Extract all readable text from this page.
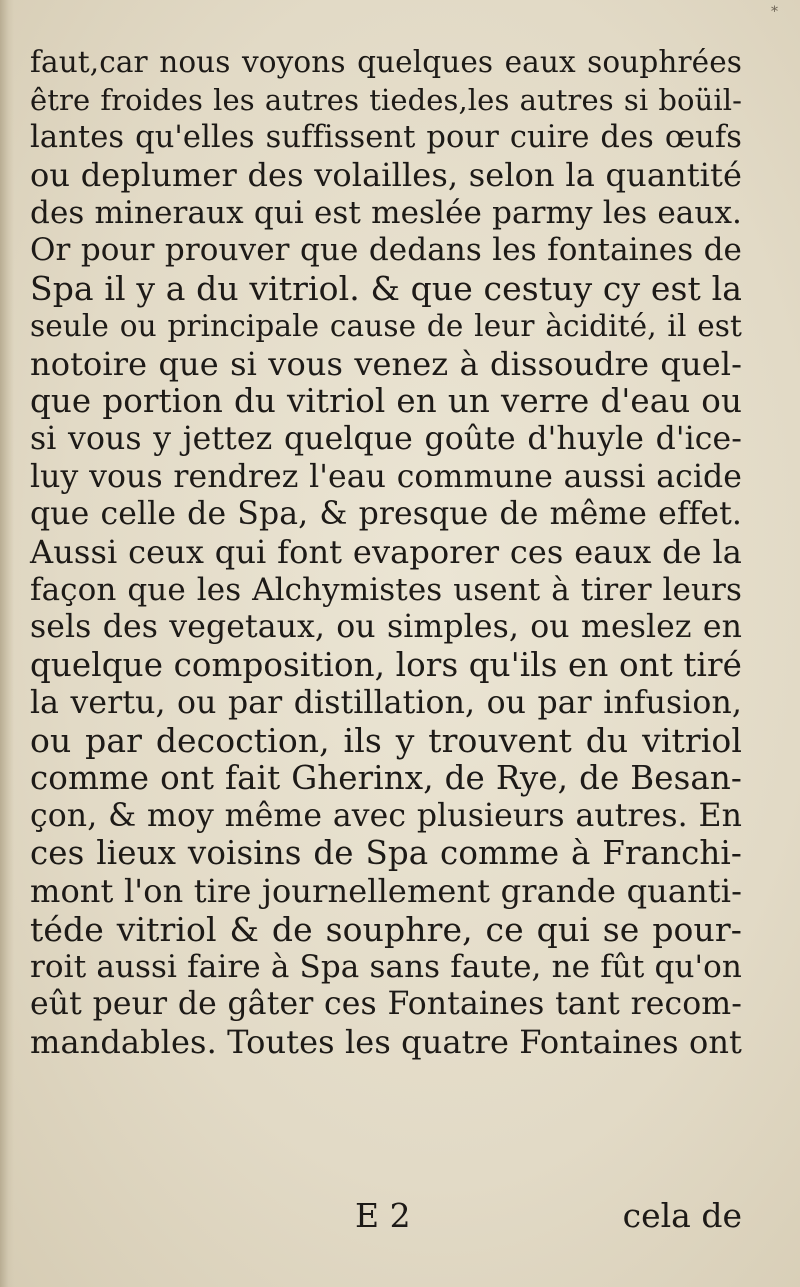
*
faut,car nous voyons quelques eaux souphrées
être froides les autres tiedes,les autres si boüil-
lantes qu'elles suffissent pour cuire des œufs
ou deplumer des volailles, selon la quantité
des mineraux qui est meslée parmy les eaux.
Or pour prouver que dedans les fontaines de
Spa il y a du vitriol. & que cestuy cy est la
seule ou principale cause de leur àcidité, il est
notoire que si vous venez à dissoudre quel-
que portion du vitriol en un verre d'eau ou
si vous y jettez quelque goûte d'huyle d'ice-
luy vous rendrez l'eau commune aussi acide
que celle de Spa, & presque de même effet.
Aussi ceux qui font evaporer ces eaux de la
façon que les Alchymistes usent à tirer leurs
sels des vegetaux, ou simples, ou meslez en
quelque composition, lors qu'ils en ont tiré
la vertu, ou par distillation, ou par infusion,
ou par decoction, ils y trouvent du vitriol
comme ont fait Gherinx, de Rye, de Besan-
çon, & moy même avec plusieurs autres. En
ces lieux voisins de Spa comme à Franchi-
mont l'on tire journellement grande quanti-
téde vitriol & de souphre, ce qui se pour-
roit aussi faire à Spa sans faute, ne fût qu'on
eût peur de gâter ces Fontaines tant recom-
mandables. Toutes les quatre Fontaines ont
E 2	cela de
